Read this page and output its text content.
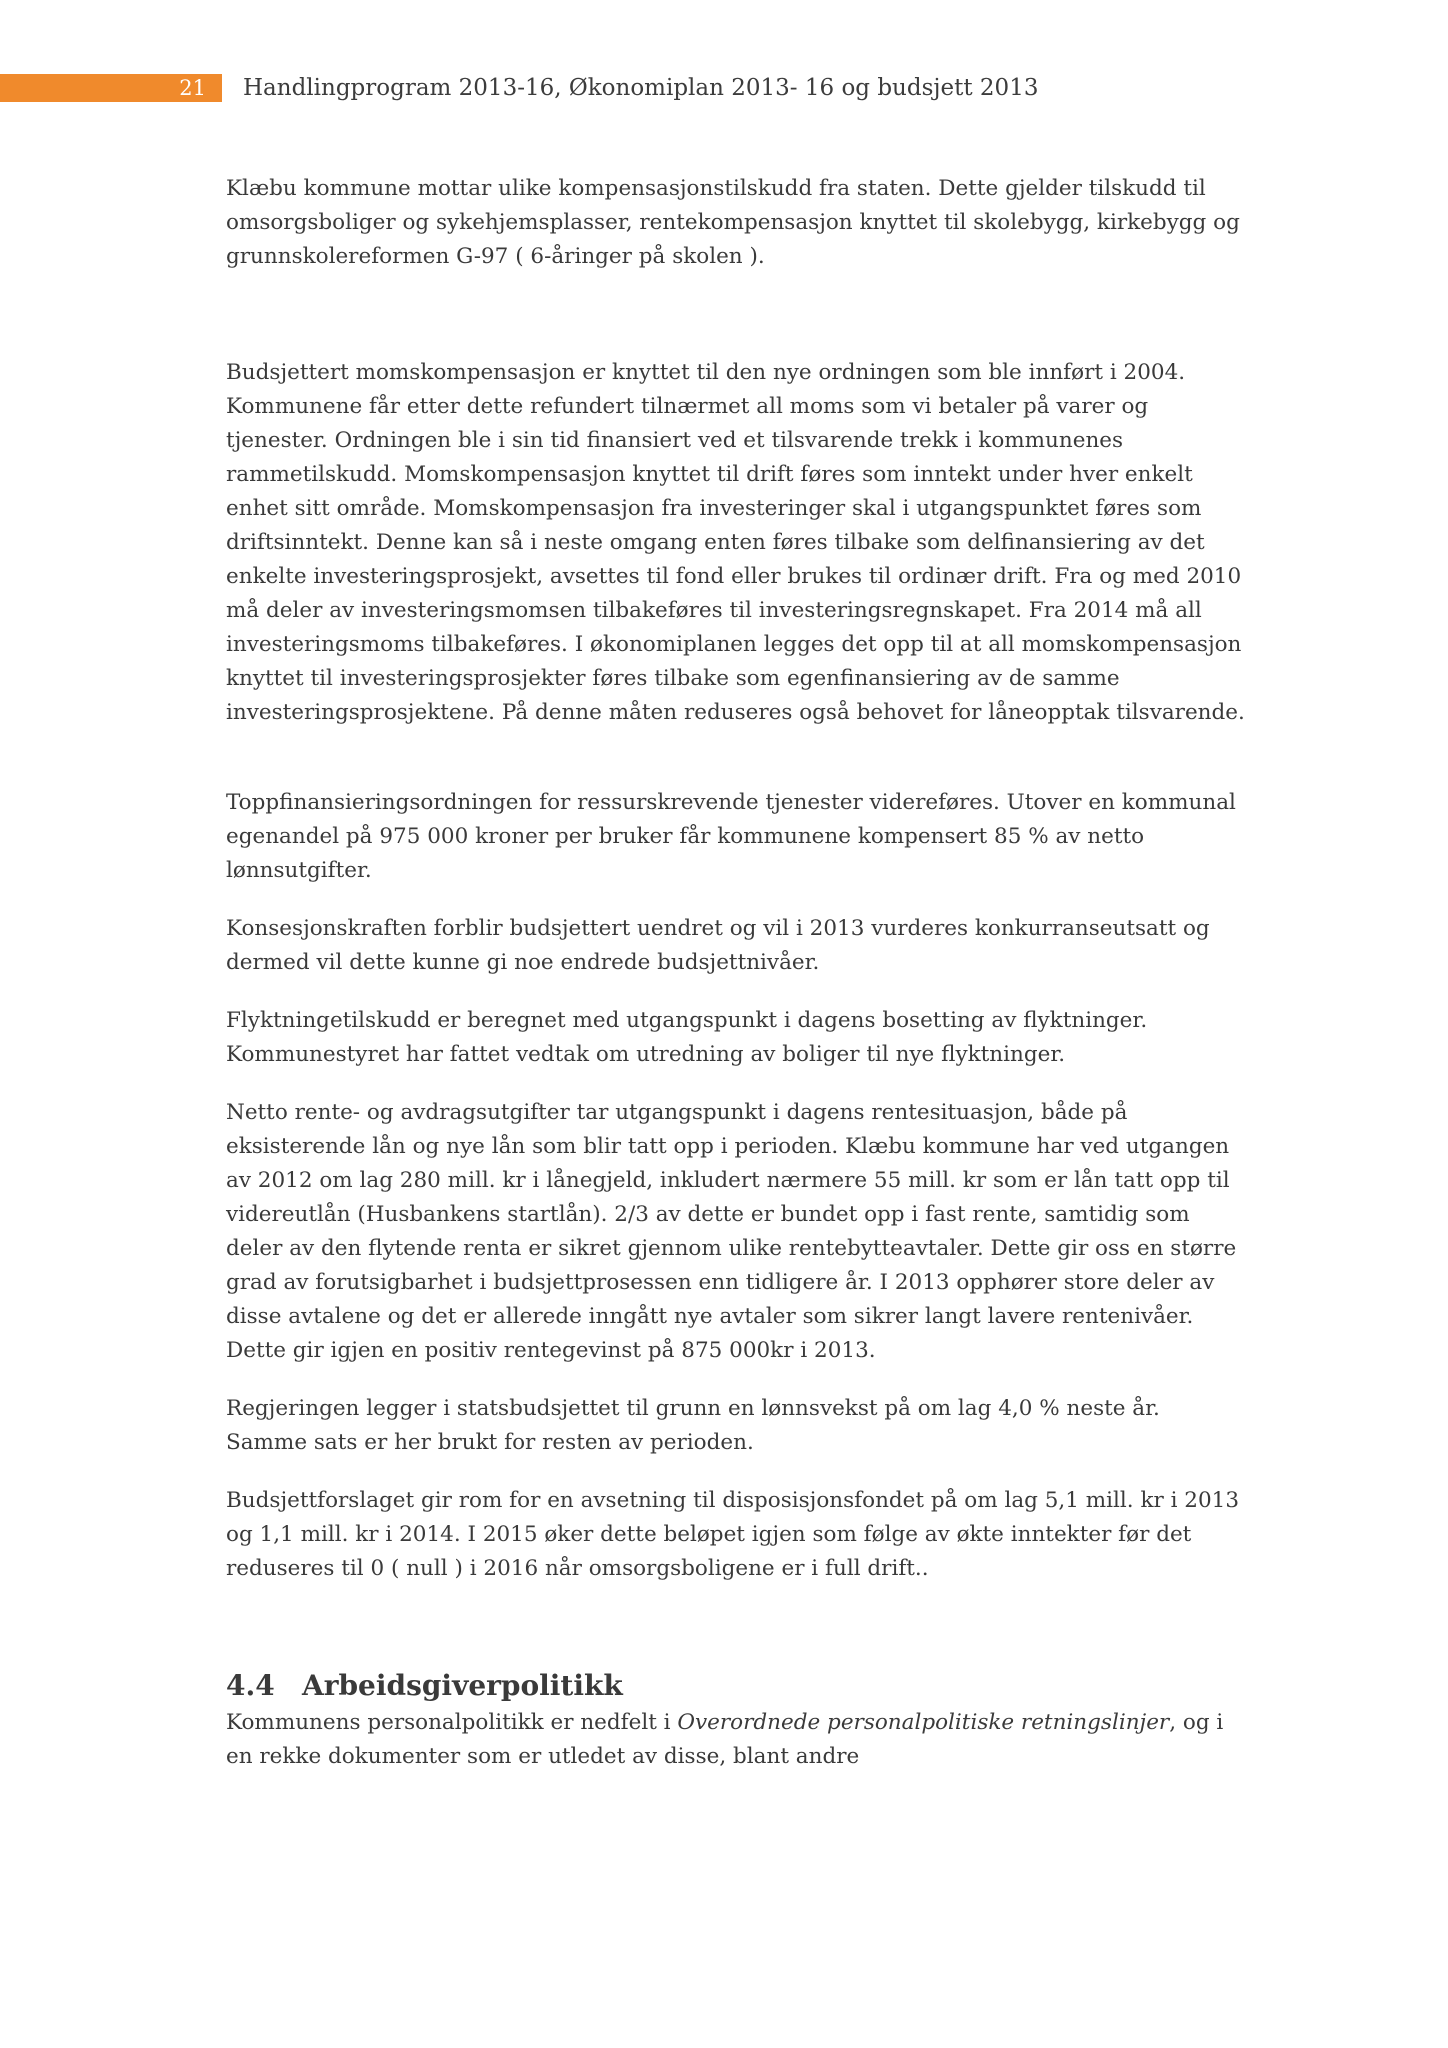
21 Handlingprogram 2013-16, Økonomiplan 2013- 16 og budsjett 2013

Klæbu kommune mottar ulike kompensasjonstilskudd fra staten. Dette gjelder tilskudd til omsorgsboliger og sykehjemsplasser, rentekompensasjon knyttet til skolebygg, kirkebygg og grunnskolereformen G-97 ( 6-åringer på skolen ).

Budsjettert momskompensasjon er knyttet til den nye ordningen som ble innført i 2004. Kommunene får etter dette refundert tilnærmet all moms som vi betaler på varer og tjenester. Ordningen ble i sin tid finansiert ved et tilsvarende trekk i kommunenes rammetilskudd. Momskompensasjon knyttet til drift føres som inntekt under hver enkelt enhet sitt område. Momskompensasjon fra investeringer skal i utgangspunktet føres som driftsinntekt. Denne kan så i neste omgang enten føres tilbake som delfinansiering av det enkelte investeringsprosjekt, avsettes til fond eller brukes til ordinær drift. Fra og med 2010 må deler av investeringsmomsen tilbakeføres til investeringsregnskapet. Fra 2014 må all investeringsmoms tilbakeføres. I økonomiplanen legges det opp til at all momskompensasjon knyttet til investeringsprosjekter føres tilbake som egenfinansiering av de samme investeringsprosjektene. På denne måten reduseres også behovet for låneopptak tilsvarende.

Toppfinansieringsordningen for ressurskrevende tjenester videreføres. Utover en kommunal egenandel på 975 000 kroner per bruker får kommunene kompensert 85 % av netto lønnsutgifter.

Konsesjonskraften forblir budsjettert uendret og vil i 2013 vurderes konkurranseutsatt og dermed vil dette kunne gi noe endrede budsjettnivåer.

Flyktningetilskudd er beregnet med utgangspunkt i dagens bosetting av flyktninger. Kommunestyret har fattet vedtak om utredning av boliger til nye flyktninger.

Netto rente- og avdragsutgifter tar utgangspunkt i dagens rentesituasjon, både på eksisterende lån og nye lån som blir tatt opp i perioden. Klæbu kommune har ved utgangen av 2012 om lag 280 mill. kr i lånegjeld, inkludert nærmere 55 mill. kr som er lån tatt opp til videreutlån (Husbankens startlån). 2/3 av dette er bundet opp i fast rente, samtidig som deler av den flytende renta er sikret gjennom ulike rentebytteavtaler. Dette gir oss en større grad av forutsigbarhet i budsjettprosessen enn tidligere år. I 2013 opphører store deler av disse avtalene og det er allerede inngått nye avtaler som sikrer langt lavere rentenivåer. Dette gir igjen en positiv rentegevinst på 875 000kr i 2013.

Regjeringen legger i statsbudsjettet til grunn en lønnsvekst på om lag 4,0 % neste år. Samme sats er her brukt for resten av perioden.

Budsjettforslaget gir rom for en avsetning til disposisjonsfondet på om lag 5,1 mill. kr i 2013 og 1,1 mill. kr i 2014. I 2015 øker dette beløpet igjen som følge av økte inntekter før det reduseres til 0 ( null ) i 2016 når omsorgsboligene er i full drift..

4.4 Arbeidsgiverpolitikk

Kommunens personalpolitikk er nedfelt i Overordnede personalpolitiske retningslinjer, og i en rekke dokumenter som er utledet av disse, blant andre
